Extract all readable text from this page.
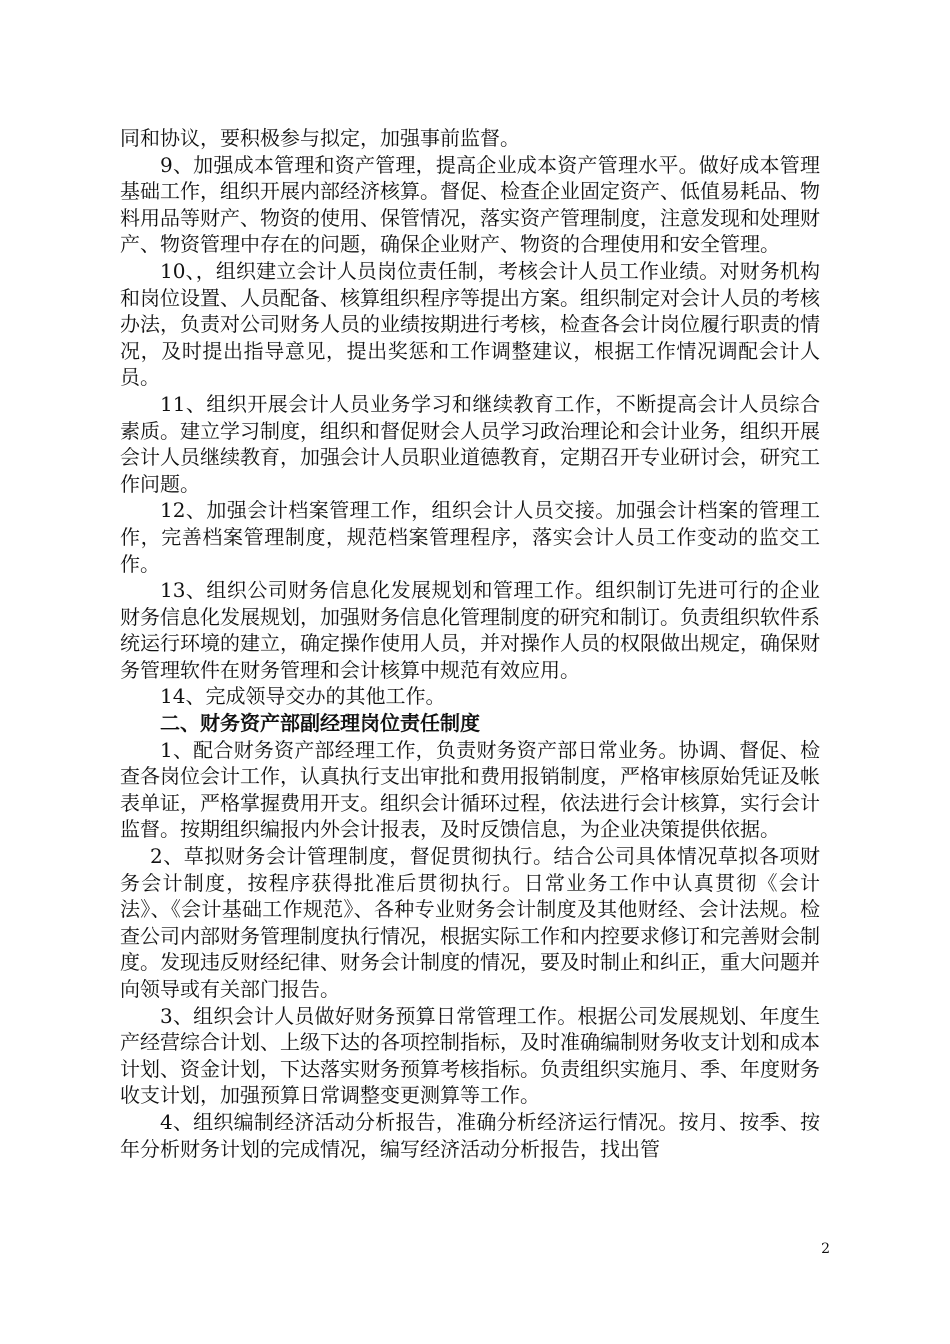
同和协议，要积极参与拟定，加强事前监督。

9、加强成本管理和资产管理，提高企业成本资产管理水平。做好成本管理基础工作，组织开展内部经济核算。督促、检查企业固定资产、低值易耗品、物料用品等财产、物资的使用、保管情况，落实资产管理制度，注意发现和处理财产、物资管理中存在的问题，确保企业财产、物资的合理使用和安全管理。

10、，组织建立会计人员岗位责任制，考核会计人员工作业绩。对财务机构和岗位设置、人员配备、核算组织程序等提出方案。组织制定对会计人员的考核办法，负责对公司财务人员的业绩按期进行考核，检查各会计岗位履行职责的情况，及时提出指导意见，提出奖惩和工作调整建议，根据工作情况调配会计人员。

11、组织开展会计人员业务学习和继续教育工作，不断提高会计人员综合素质。建立学习制度，组织和督促财会人员学习政治理论和会计业务，组织开展会计人员继续教育，加强会计人员职业道德教育，定期召开专业研讨会，研究工作问题。

12、加强会计档案管理工作，组织会计人员交接。加强会计档案的管理工作，完善档案管理制度，规范档案管理程序，落实会计人员工作变动的监交工作。

13、组织公司财务信息化发展规划和管理工作。组织制订先进可行的企业财务信息化发展规划，加强财务信息化管理制度的研究和制订。负责组织软件系统运行环境的建立，确定操作使用人员，并对操作人员的权限做出规定，确保财务管理软件在财务管理和会计核算中规范有效应用。

14、完成领导交办的其他工作。

二、财务资产部副经理岗位责任制度

1、配合财务资产部经理工作，负责财务资产部日常业务。协调、督促、检查各岗位会计工作，认真执行支出审批和费用报销制度，严格审核原始凭证及帐表单证，严格掌握费用开支。组织会计循环过程，依法进行会计核算，实行会计监督。按期组织编报内外会计报表，及时反馈信息，为企业决策提供依据。

2、草拟财务会计管理制度，督促贯彻执行。结合公司具体情况草拟各项财务会计制度，按程序获得批准后贯彻执行。日常业务工作中认真贯彻《会计法》、《会计基础工作规范》、各种专业财务会计制度及其他财经、会计法规。检查公司内部财务管理制度执行情况，根据实际工作和内控要求修订和完善财会制度。发现违反财经纪律、财务会计制度的情况，要及时制止和纠正，重大问题并向领导或有关部门报告。

3、组织会计人员做好财务预算日常管理工作。根据公司发展规划、年度生产经营综合计划、上级下达的各项控制指标，及时准确编制财务收支计划和成本计划、资金计划，下达落实财务预算考核指标。负责组织实施月、季、年度财务收支计划，加强预算日常调整变更测算等工作。

4、组织编制经济活动分析报告，准确分析经济运行情况。按月、按季、按年分析财务计划的完成情况，编写经济活动分析报告，找出管

2
